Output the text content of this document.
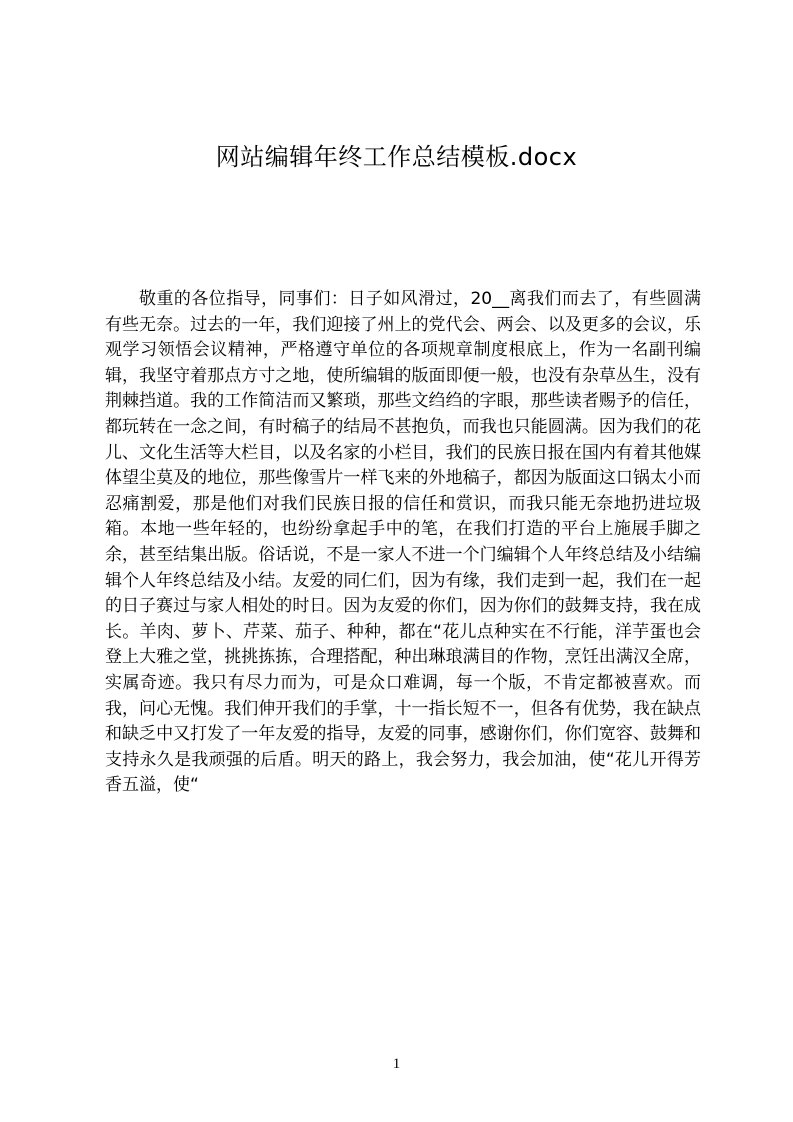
网站编辑年终工作总结模板.docx

敬重的各位指导，同事们：日子如风滑过，20__离我们而去了，有些圆满有些无奈。过去的一年，我们迎接了州上的党代会、两会、以及更多的会议，乐观学习领悟会议精神，严格遵守单位的各项规章制度根底上，作为一名副刊编辑，我坚守着那点方寸之地，使所编辑的版面即便一般，也没有杂草丛生，没有荆棘挡道。我的工作简洁而又繁琐，那些文绉绉的字眼，那些读者赐予的信任，都玩转在一念之间，有时稿子的结局不甚抱负，而我也只能圆满。因为我们的花儿、文化生活等大栏目，以及名家的小栏目，我们的民族日报在国内有着其他媒体望尘莫及的地位，那些像雪片一样飞来的外地稿子，都因为版面这口锅太小而忍痛割爱，那是他们对我们民族日报的信任和赏识，而我只能无奈地扔进垃圾箱。本地一些年轻的，也纷纷拿起手中的笔，在我们打造的平台上施展手脚之余，甚至结集出版。俗话说，不是一家人不进一个门编辑个人年终总结及小结编辑个人年终总结及小结。友爱的同仁们，因为有缘，我们走到一起，我们在一起的日子赛过与家人相处的时日。因为友爱的你们，因为你们的鼓舞支持，我在成长。羊肉、萝卜、芹菜、茄子、种种，都在“花儿点种实在不行能，洋芋蛋也会登上大雅之堂，挑挑拣拣，合理搭配，种出琳琅满目的作物，烹饪出满汉全席，实属奇迹。我只有尽力而为，可是众口难调，每一个版，不肯定都被喜欢。而我，问心无愧。我们伸开我们的手掌，十一指长短不一，但各有优势，我在缺点和缺乏中又打发了一年友爱的指导，友爱的同事，感谢你们，你们宽容、鼓舞和支持永久是我顽强的后盾。明天的路上，我会努力，我会加油，使“花儿开得芳香五溢，使“

1
